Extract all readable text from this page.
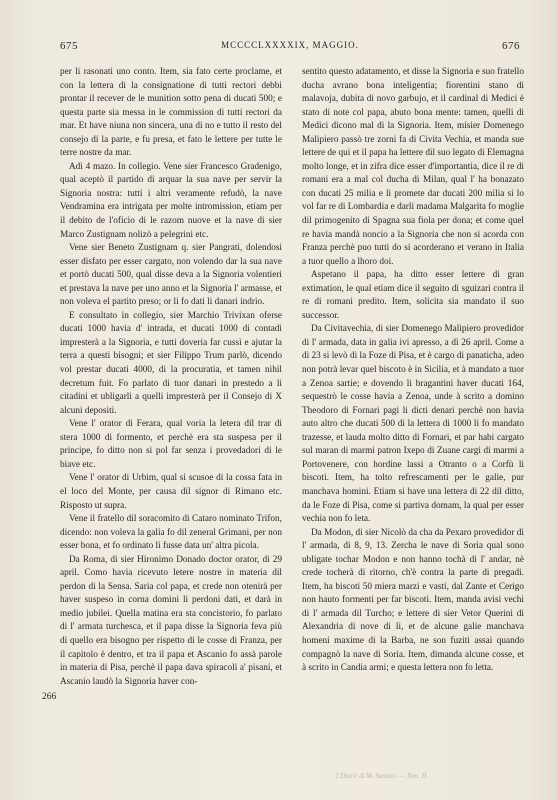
675	MCCCCLXXXXIX, MAGGIO.	676

per li rasonati uno conto. Item, sia fato certe proclame, et con la lettera di la consignatione di tutti rectori debbi prontar il recever de le munition sotto pena di ducati 500; e questa parte sia messa in le commission di tutti rectori da mar. Et have niuna non sincera, una di no e tutto il resto del consejo di la parte, e fu presa, et fato le lettere per tutte le terre nostre da mar.

Adì 4 mazo. In collegio. Vene sier Francesco Gradenigo, qual aceptò il partido di arquar la sua nave per servir la Signoria nostra: tutti i altri veramente refudò, la nave Vendramina era intrigata per molte intromission, etiam per il debito de l'oficio di le razom nuove et la nave di sier Marco Zustignam nolizò a pelegrini etc.

Vene sier Beneto Zustignam q. sier Pangrati, dolendosi esser disfato per esser cargato, non volendo dar la sua nave et portò ducati 500, qual disse deva a la Signoria volentieri et prestava la nave per uno anno et la Signoria l' armasse, et non voleva el partito preso; or li fo dati li danari indrio.

E consultato in collegio, sier Marchio Trivixan oferse ducati 1000 havia d' intrada, et ducati 1000 di contadi impresterà a la Signoria, e tutti doveria far cussì e ajutar la terra a questi bisogni; et sier Filippo Trum parlò, dicendo vol prestar ducati 4000, di la procuratia, et tamen nihil decretum fuit. Fo parlato di tuor danari in prestedo a li citadini et ubligarli a quelli impresterà per il Consejo di X alcuni depositi.

Vene l' orator di Ferara, qual voria la letera dil trar di stera 1000 di formento, et perchè era sta suspesa per il principe, fo ditto non si pol far senza i provedadori di le biave etc.

Vene l' orator di Urbim, qual si scusoe di la cossa fata in el loco del Monte, per causa dil signor di Rimano etc. Risposto ut supra.

Vene il fratello dil soracomito di Cataro nominato Trifon, dicendo: non voleva la galia fo dil zeneral Grimani, per non esser bona, et fo ordinato li fusse data un' altra picola.

Da Roma, di sier Hironimo Donado doctor orator, di 29 april. Como havia ricevuto letere nostre in materia dil perdon di la Sensa. Saria col papa, et crede non otenirà per haver suspeso in corna domini li perdoni dati, et darà in medio jubilei. Quella matina era sta concistorio, fo parlato di l' armata turchesca, et il papa disse la Signoria feva più di quello era bisogno per rispetto di le cosse di Franza, per il capitolo è dentro, et tra il papa et Ascanio fo assà parole in materia di Pisa, perchè il papa dava spiracoli a' pisani, et Ascanio laudò la Signoria haver con-

266

sentito questo adatamento, et disse la Signoria e suo fratello ducha avrano bona inteligentia; fiorentini stano di malavoja, dubita di novo garbujo, et il cardinal di Medici è stato di note col papa, abuto bona mente: tamen, quelli di Medici dicono mal di la Signoria. Item, misier Domenego Malipiero passò tre zorni fa di Civita Vechia, et manda sue lettere de qui et il papa ha lettere dil suo legato di Elemagna molto longe, et in zifra dice esser d'importantia, dice il re di romani era a mal col ducha di Milan, qual l' ha bonazato con ducati 25 milia e li promete dar ducati 200 milia si lo vol far re di Lombardia e darli madama Malgarita fo moglie dil primogenito di Spagna sua fiola per dona; et come quel re havia mandà noncio a la Signoria che non si acorda con Franza perchè puo tutti do si acorderano et verano in Italia a tuor quello a lhoro doi.

Aspetano il papa, ha ditto esser lettere di gran extimation, le qual etiam dice il seguito di sguizari contra il re di romani predito. Item, solicita sia mandato il suo successor.

Da Civitavechia, di sier Domenego Malipiero provedidor di l' armada, data in galia ivi apresso, a dì 26 april. Come a dì 23 si levò di la Foze di Pisa, et è cargo di panaticha, adeo non potrà levar quel biscoto è in Sicilia, et à mandato a tuor a Zenoa sartie; e dovendo li bragantini haver ducati 164, sequestrò le cosse havia a Zenoa, unde à scrito a domino Theodoro di Fornari pagi li dicti denari perchè non havia auto altro che ducati 500 di la lettera di 1000 li fo mandato trazesse, et lauda molto ditto di Fornari, et par habi cargato sul maran di marmi patron Ixepo di Zuane cargi di marmi a Portovenere, con hordine lassi a Otranto o a Corfù li biscoti. Item, ha tolto refrescamenti per le galie, pur manchava homini. Etiam si have una lettera di 22 dil ditto, da le Foze di Pisa, come si partiva domam, la qual per esser vechia non fo leta.

Da Modon, di sier Nicolò da cha da Pexaro provedidor di l' armada, di 8, 9, 13. Zercha le nave di Soria qual sono ubligate tochar Modon e non hanno tochà di l' andar, nè crede tocherà di ritorno, ch'è contra la parte di pregadi. Item, ha biscoti 50 miera marzi e vasti, dal Zante et Cerigo non hauto formenti per far biscoti. Item, manda avisi vechi di l' armada dil Turcho; e lettere di sier Vetor Querini di Alexandria di nove di lì, et de alcune galie manchava homeni maxime di la Barba, ne son fuziti assai quando compagnò la nave di Soria. Item, dimanda alcune cosse, et à scrito in Candia armi; e questa lettera non fo letta.

I Diarii di M. Sanuto. — Tom. II.
